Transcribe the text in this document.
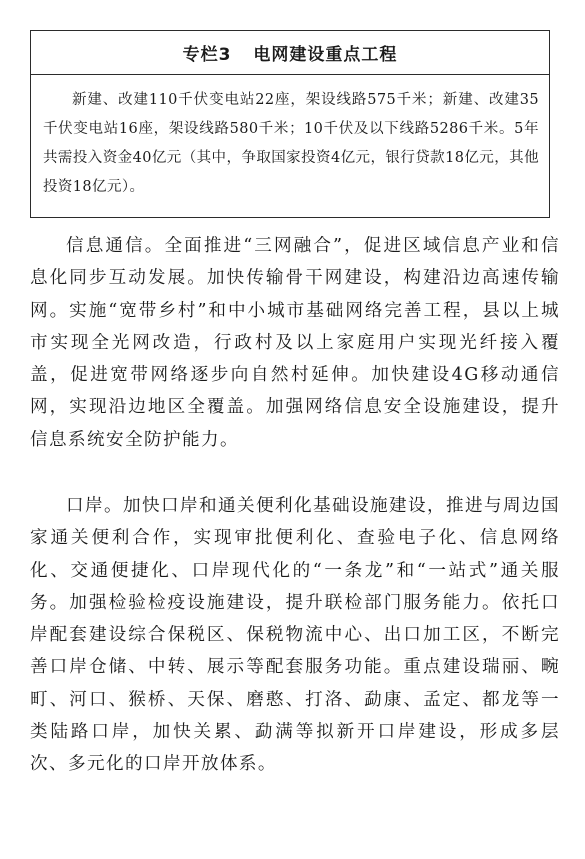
专栏3 电网建设重点工程
新建、改建110千伏变电站22座，架设线路575千米；新建、改建35千伏变电站16座，架设线路580千米；10千伏及以下线路5286千米。5年共需投入资金40亿元（其中，争取国家投资4亿元，银行贷款18亿元，其他投资18亿元）。

信息通信。全面推进“三网融合”，促进区域信息产业和信息化同步互动发展。加快传输骨干网建设，构建沿边高速传输网。实施“宽带乡村”和中小城市基础网络完善工程，县以上城市实现全光网改造，行政村及以上家庭用户实现光纤接入覆盖，促进宽带网络逐步向自然村延伸。加快建设4G移动通信网，实现沿边地区全覆盖。加强网络信息安全设施建设，提升信息系统安全防护能力。

口岸。加快口岸和通关便利化基础设施建设，推进与周边国家通关便利合作，实现审批便利化、查验电子化、信息网络化、交通便捷化、口岸现代化的“一条龙”和“一站式”通关服务。加强检验检疫设施建设，提升联检部门服务能力。依托口岸配套建设综合保税区、保税物流中心、出口加工区，不断完善口岸仓储、中转、展示等配套服务功能。重点建设瑞丽、畹町、河口、猴桥、天保、磨憨、打洛、勐康、孟定、都龙等一类陆路口岸，加快关累、勐满等拟新开口岸建设，形成多层次、多元化的口岸开放体系。
